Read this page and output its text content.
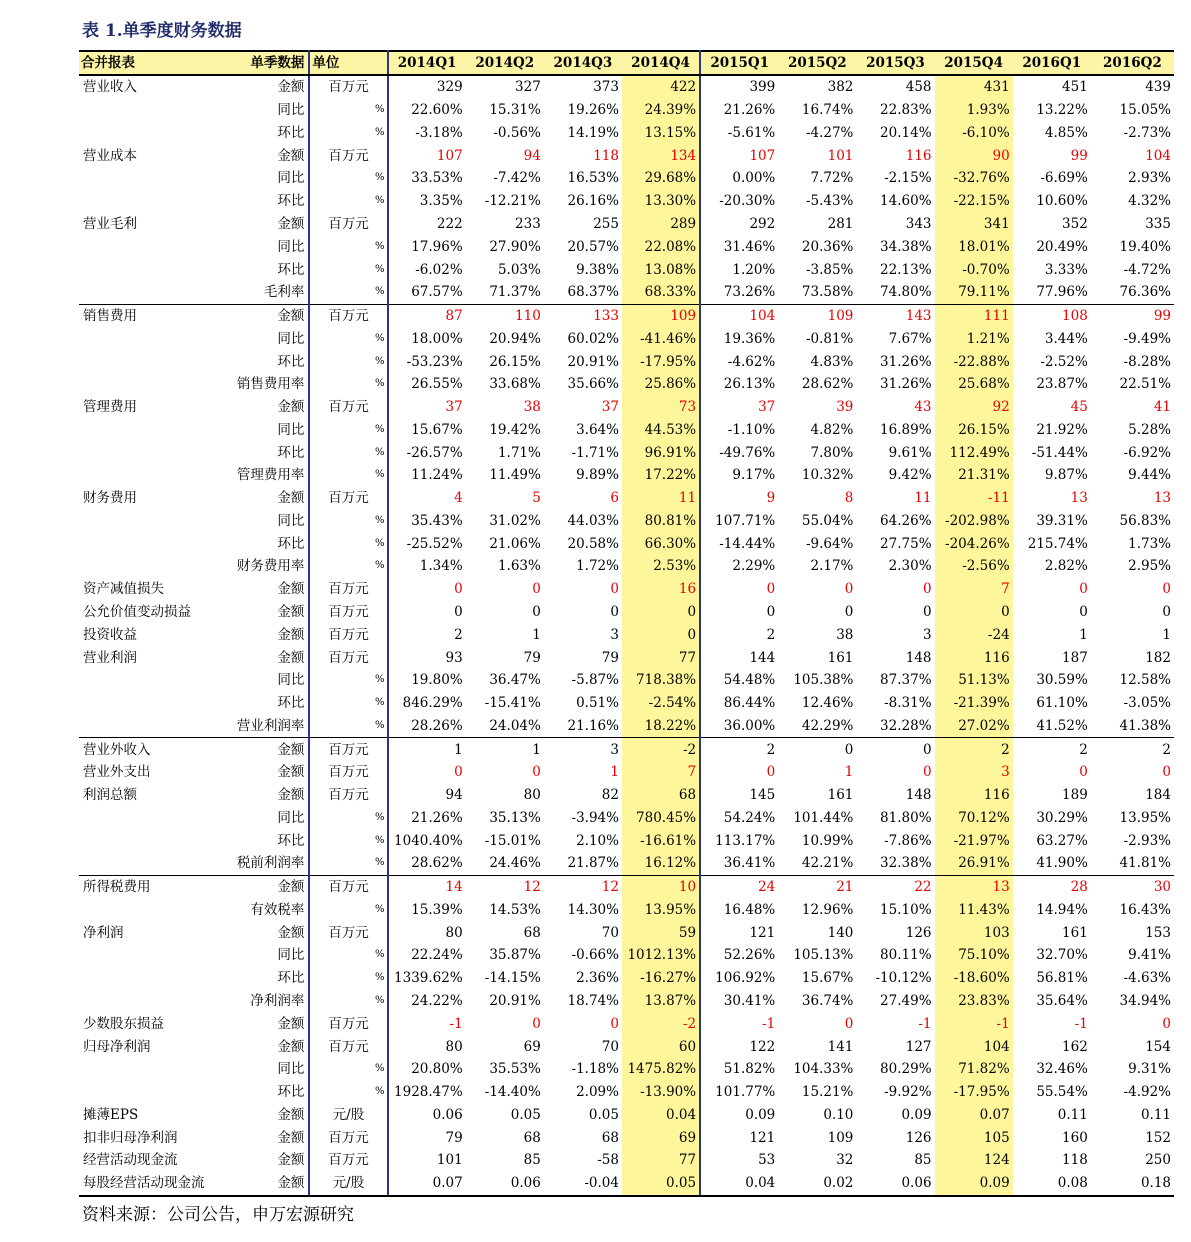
表 1.单季度财务数据
合并报表	单季数据	单位	2014Q1	2014Q2	2014Q3	2014Q4	2015Q1	2015Q2	2015Q3	2015Q4	2016Q1	2016Q2
营业收入	金额	百万元	329	327	373	422	399	382	458	431	451	439
	同比	%	22.60%	15.31%	19.26%	24.39%	21.26%	16.74%	22.83%	1.93%	13.22%	15.05%
	环比	%	-3.18%	-0.56%	14.19%	13.15%	-5.61%	-4.27%	20.14%	-6.10%	4.85%	-2.73%
营业成本	金额	百万元	107	94	118	134	107	101	116	90	99	104
	同比	%	33.53%	-7.42%	16.53%	29.68%	0.00%	7.72%	-2.15%	-32.76%	-6.69%	2.93%
	环比	%	3.35%	-12.21%	26.16%	13.30%	-20.30%	-5.43%	14.60%	-22.15%	10.60%	4.32%
营业毛利	金额	百万元	222	233	255	289	292	281	343	341	352	335
	同比	%	17.96%	27.90%	20.57%	22.08%	31.46%	20.36%	34.38%	18.01%	20.49%	19.40%
	环比	%	-6.02%	5.03%	9.38%	13.08%	1.20%	-3.85%	22.13%	-0.70%	3.33%	-4.72%
	毛利率	%	67.57%	71.37%	68.37%	68.33%	73.26%	73.58%	74.80%	79.11%	77.96%	76.36%
销售费用	金额	百万元	87	110	133	109	104	109	143	111	108	99
	同比	%	18.00%	20.94%	60.02%	-41.46%	19.36%	-0.81%	7.67%	1.21%	3.44%	-9.49%
	环比	%	-53.23%	26.15%	20.91%	-17.95%	-4.62%	4.83%	31.26%	-22.88%	-2.52%	-8.28%
	销售费用率	%	26.55%	33.68%	35.66%	25.86%	26.13%	28.62%	31.26%	25.68%	23.87%	22.51%
管理费用	金额	百万元	37	38	37	73	37	39	43	92	45	41
	同比	%	15.67%	19.42%	3.64%	44.53%	-1.10%	4.82%	16.89%	26.15%	21.92%	5.28%
	环比	%	-26.57%	1.71%	-1.71%	96.91%	-49.76%	7.80%	9.61%	112.49%	-51.44%	-6.92%
	管理费用率	%	11.24%	11.49%	9.89%	17.22%	9.17%	10.32%	9.42%	21.31%	9.87%	9.44%
财务费用	金额	百万元	4	5	6	11	9	8	11	-11	13	13
	同比	%	35.43%	31.02%	44.03%	80.81%	107.71%	55.04%	64.26%	-202.98%	39.31%	56.83%
	环比	%	-25.52%	21.06%	20.58%	66.30%	-14.44%	-9.64%	27.75%	-204.26%	215.74%	1.73%
	财务费用率	%	1.34%	1.63%	1.72%	2.53%	2.29%	2.17%	2.30%	-2.56%	2.82%	2.95%
资产减值损失	金额	百万元	0	0	0	16	0	0	0	7	0	0
公允价值变动损益	金额	百万元	0	0	0	0	0	0	0	0	0	0
投资收益	金额	百万元	2	1	3	0	2	38	3	-24	1	1
营业利润	金额	百万元	93	79	79	77	144	161	148	116	187	182
	同比	%	19.80%	36.47%	-5.87%	718.38%	54.48%	105.38%	87.37%	51.13%	30.59%	12.58%
	环比	%	846.29%	-15.41%	0.51%	-2.54%	86.44%	12.46%	-8.31%	-21.39%	61.10%	-3.05%
	营业利润率	%	28.26%	24.04%	21.16%	18.22%	36.00%	42.29%	32.28%	27.02%	41.52%	41.38%
营业外收入	金额	百万元	1	1	3	-2	2	0	0	2	2	2
营业外支出	金额	百万元	0	0	1	7	0	1	0	3	0	0
利润总额	金额	百万元	94	80	82	68	145	161	148	116	189	184
	同比	%	21.26%	35.13%	-3.94%	780.45%	54.24%	101.44%	81.80%	70.12%	30.29%	13.95%
	环比	%	1040.40%	-15.01%	2.10%	-16.61%	113.17%	10.99%	-7.86%	-21.97%	63.27%	-2.93%
	税前利润率	%	28.62%	24.46%	21.87%	16.12%	36.41%	42.21%	32.38%	26.91%	41.90%	41.81%
所得税费用	金额	百万元	14	12	12	10	24	21	22	13	28	30
	有效税率	%	15.39%	14.53%	14.30%	13.95%	16.48%	12.96%	15.10%	11.43%	14.94%	16.43%
净利润	金额	百万元	80	68	70	59	121	140	126	103	161	153
	同比	%	22.24%	35.87%	-0.66%	1012.13%	52.26%	105.13%	80.11%	75.10%	32.70%	9.41%
	环比	%	1339.62%	-14.15%	2.36%	-16.27%	106.92%	15.67%	-10.12%	-18.60%	56.81%	-4.63%
	净利润率	%	24.22%	20.91%	18.74%	13.87%	30.41%	36.74%	27.49%	23.83%	35.64%	34.94%
少数股东损益	金额	百万元	-1	0	0	-2	-1	0	-1	-1	-1	0
归母净利润	金额	百万元	80	69	70	60	122	141	127	104	162	154
	同比	%	20.80%	35.53%	-1.18%	1475.82%	51.82%	104.33%	80.29%	71.82%	32.46%	9.31%
	环比	%	1928.47%	-14.40%	2.09%	-13.90%	101.77%	15.21%	-9.92%	-17.95%	55.54%	-4.92%
摊薄EPS	金额	元/股	0.06	0.05	0.05	0.04	0.09	0.10	0.09	0.07	0.11	0.11
扣非归母净利润	金额	百万元	79	68	68	69	121	109	126	105	160	152
经营活动现金流	金额	百万元	101	85	-58	77	53	32	85	124	118	250
每股经营活动现金流	金额	元/股	0.07	0.06	-0.04	0.05	0.04	0.02	0.06	0.09	0.08	0.18
资料来源：公司公告，申万宏源研究
